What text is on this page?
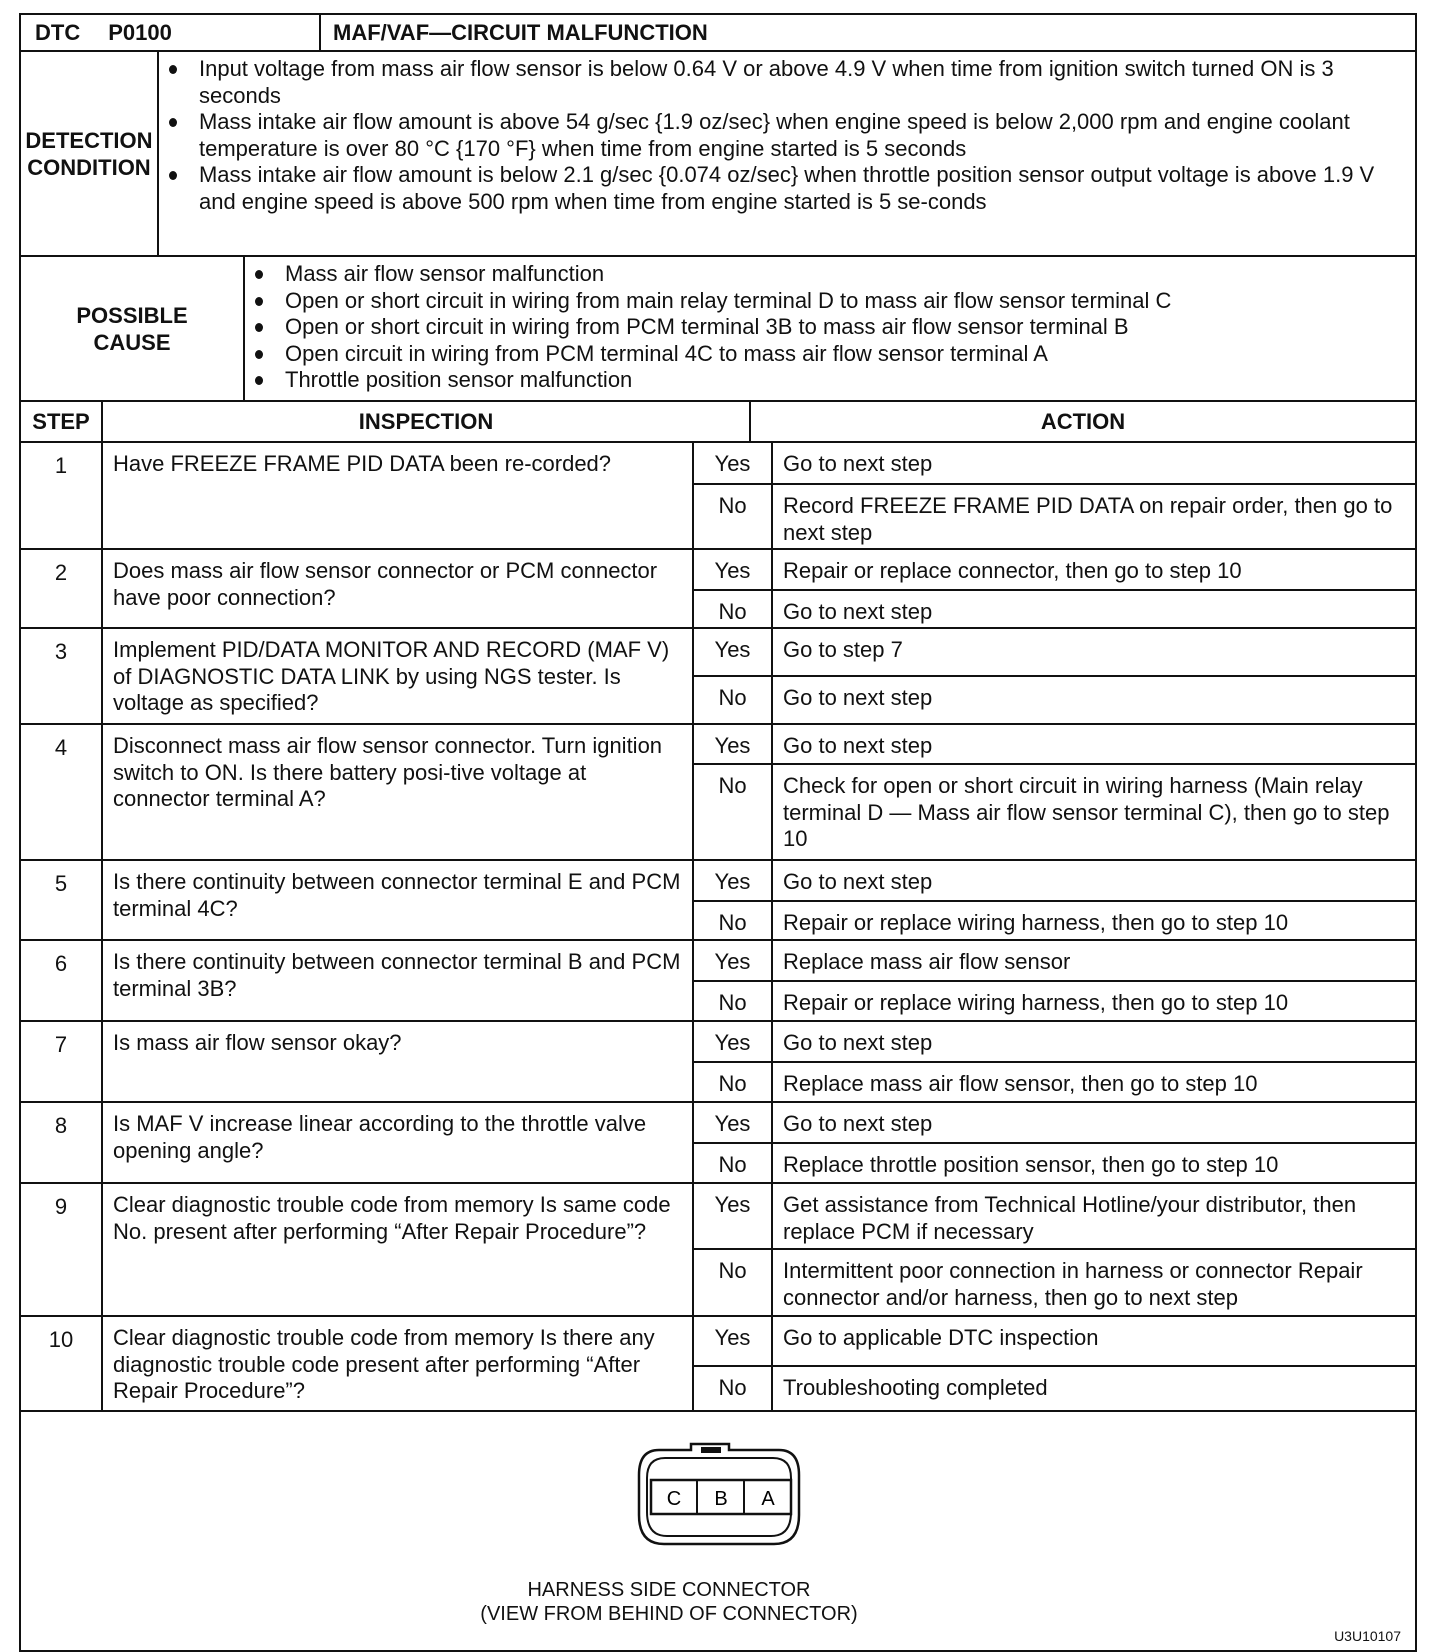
DTC P0100	MAF/VAF—CIRCUIT MALFUNCTION
DETECTION
CONDITION
Input voltage from mass air flow sensor is below 0.64 V or above 4.9 V when time from ignition switch turned ON is 3 seconds
Mass intake air flow amount is above 54 g/sec {1.9 oz/sec} when engine speed is below 2,000 rpm and engine coolant temperature is over 80 °C {170 °F} when time from engine started is 5 seconds
Mass intake air flow amount is below 2.1 g/sec {0.074 oz/sec} when throttle position sensor output voltage is above 1.9 V and engine speed is above 500 rpm when time from engine started is 5 se-conds
POSSIBLE
CAUSE
Mass air flow sensor malfunction
Open or short circuit in wiring from main relay terminal D to mass air flow sensor terminal C
Open or short circuit in wiring from PCM terminal 3B to mass air flow sensor terminal B
Open circuit in wiring from PCM terminal 4C to mass air flow sensor terminal A
Throttle position sensor malfunction
STEP	INSPECTION	ACTION
1	Have FREEZE FRAME PID DATA been re-corded?	Yes	Go to next step
No	Record FREEZE FRAME PID DATA on repair order, then go to next step
2	Does mass air flow sensor connector or PCM connector have poor connection?
Yes	Repair or replace connector, then go to step 10
No	Go to next step
3	Implement PID/DATA MONITOR AND RECORD (MAF V) of DIAGNOSTIC DATA LINK by using NGS tester. Is voltage as specified?
Yes	Go to step 7
No	Go to next step
4	Disconnect mass air flow sensor connector. Turn ignition switch to ON. Is there battery posi-tive voltage at connector terminal A?
Yes	Go to next step
No	Check for open or short circuit in wiring harness (Main relay terminal D — Mass air flow sensor terminal C), then go to step 10
5	Is there continuity between connector terminal E and PCM terminal 4C?
Yes	Go to next step
No	Repair or replace wiring harness, then go to step 10
6	Is there continuity between connector terminal B and PCM terminal 3B?
Yes	Replace mass air flow sensor
No	Repair or replace wiring harness, then go to step 10
7	Is mass air flow sensor okay?	Yes	Go to next step
No	Replace mass air flow sensor, then go to step 10
8	Is MAF V increase linear according to the throttle valve opening angle?
Yes	Go to next step
No	Replace throttle position sensor, then go to step 10
9	Clear diagnostic trouble code from memory Is same code No. present after performing “After Repair Procedure”?
Yes	Get assistance from Technical Hotline/your distributor, then replace PCM if necessary
No	Intermittent poor connection in harness or connector Repair connector and/or harness, then go to next step
10	Clear diagnostic trouble code from memory Is there any diagnostic trouble code present after performing “After Repair Procedure”?
Yes	Go to applicable DTC inspection
No	Troubleshooting completed
C B A
HARNESS SIDE CONNECTOR
(VIEW FROM BEHIND OF CONNECTOR)
U3U10107
